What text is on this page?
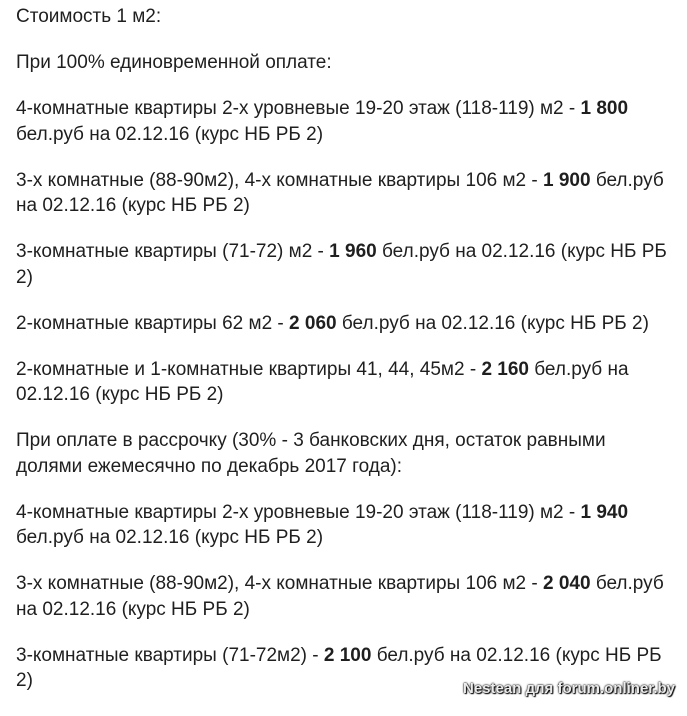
Стоимость 1 м2:

При 100% единовременной оплате:

4-комнатные квартиры 2-х уровневые 19-20 этаж (118-119) м2 - 1 800 бел.руб на 02.12.16 (курс НБ РБ 2)

3-х комнатные (88-90м2), 4-х комнатные квартиры 106 м2 - 1 900 бел.руб на 02.12.16 (курс НБ РБ 2)

3-комнатные квартиры (71-72) м2 - 1 960 бел.руб на 02.12.16 (курс НБ РБ 2)

2-комнатные квартиры 62 м2 - 2 060 бел.руб на 02.12.16 (курс НБ РБ 2)

2-комнатные и 1-комнатные квартиры 41, 44, 45м2 - 2 160 бел.руб на 02.12.16 (курс НБ РБ 2)

При оплате в рассрочку (30% - 3 банковских дня, остаток равными долями ежемесячно по декабрь 2017 года):

4-комнатные квартиры 2-х уровневые 19-20 этаж (118-119) м2 - 1 940 бел.руб на 02.12.16 (курс НБ РБ 2)

3-х комнатные (88-90м2), 4-х комнатные квартиры 106 м2 - 2 040 бел.руб на 02.12.16 (курс НБ РБ 2)

3-комнатные квартиры (71-72м2) - 2 100 бел.руб на 02.12.16 (курс НБ РБ 2)	Nestean для forum.onliner.by
